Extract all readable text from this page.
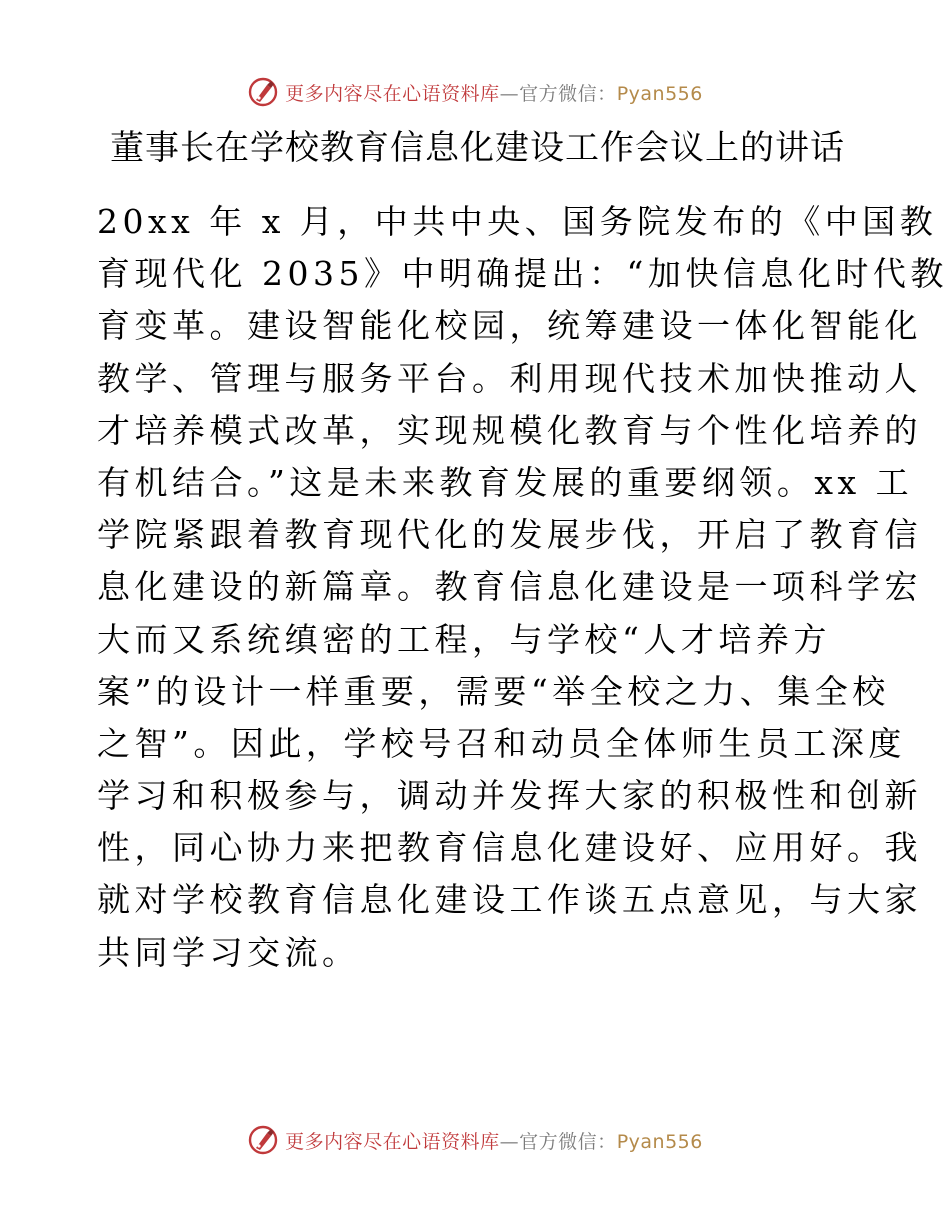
更多内容尽在心语资料库—官方微信：Pyan556
董事长在学校教育信息化建设工作会议上的讲话
20xx 年 x 月，中共中央、国务院发布的《中国教
育现代化 2035》中明确提出：“加快信息化时代教
育变革。建设智能化校园，统筹建设一体化智能化
教学、管理与服务平台。利用现代技术加快推动人
才培养模式改革，实现规模化教育与个性化培养的
有机结合。”这是未来教育发展的重要纲领。xx 工
学院紧跟着教育现代化的发展步伐，开启了教育信
息化建设的新篇章。教育信息化建设是一项科学宏
大而又系统缜密的工程，与学校“人才培养方
案”的设计一样重要，需要“举全校之力、集全校
之智”。因此，学校号召和动员全体师生员工深度
学习和积极参与，调动并发挥大家的积极性和创新
性，同心协力来把教育信息化建设好、应用好。我
就对学校教育信息化建设工作谈五点意见，与大家
共同学习交流。
更多内容尽在心语资料库—官方微信：Pyan556
